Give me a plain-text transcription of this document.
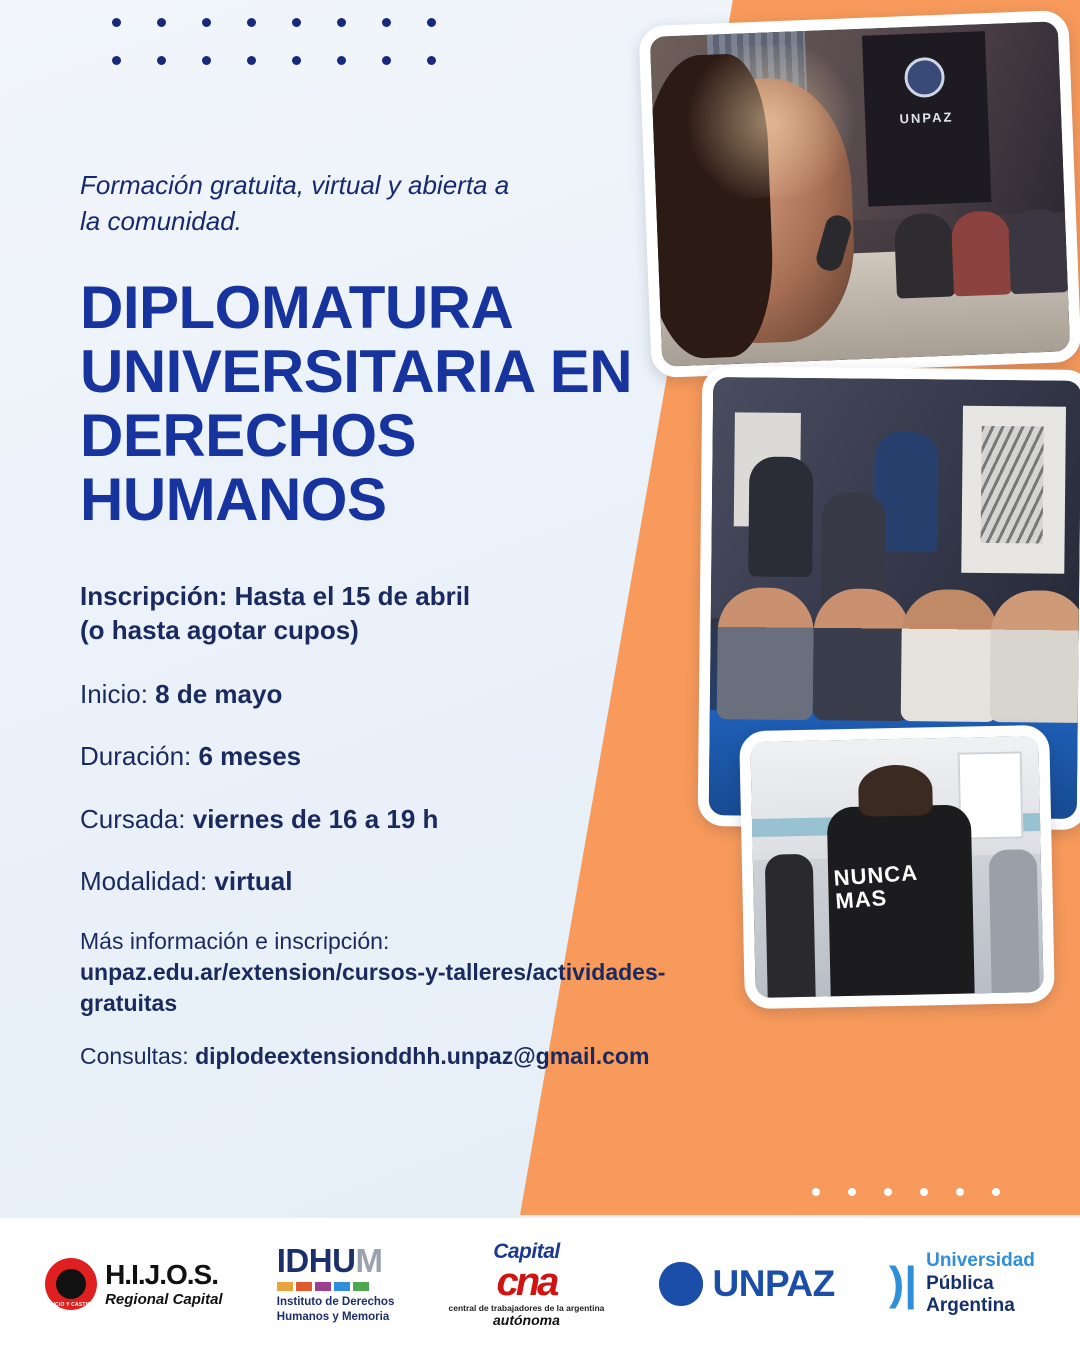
UNPAZ
NUNCA
MAS
Formación gratuita, virtual y abierta a la comunidad.
DIPLOMATURA UNIVERSITARIA EN DERECHOS HUMANOS
Inscripción: Hasta el 15 de abril
(o hasta agotar cupos)
Inicio: 8 de mayo
Duración: 6 meses
Cursada: viernes de 16 a 19 h
Modalidad: virtual
Más información e inscripción: unpaz.edu.ar/extension/cursos-y-talleres/actividades-gratuitas
Consultas: diplodeextensionddhh.unpaz@gmail.com
JUICIO Y CASTIGO
H.I.J.O.S.
Regional Capital
IDHUM
Instituto de Derechos
Humanos y Memoria
Capital
cna
central de trabajadores de la argentina
autónoma
UNPAZ )| Universidad
Pública
Argentina
